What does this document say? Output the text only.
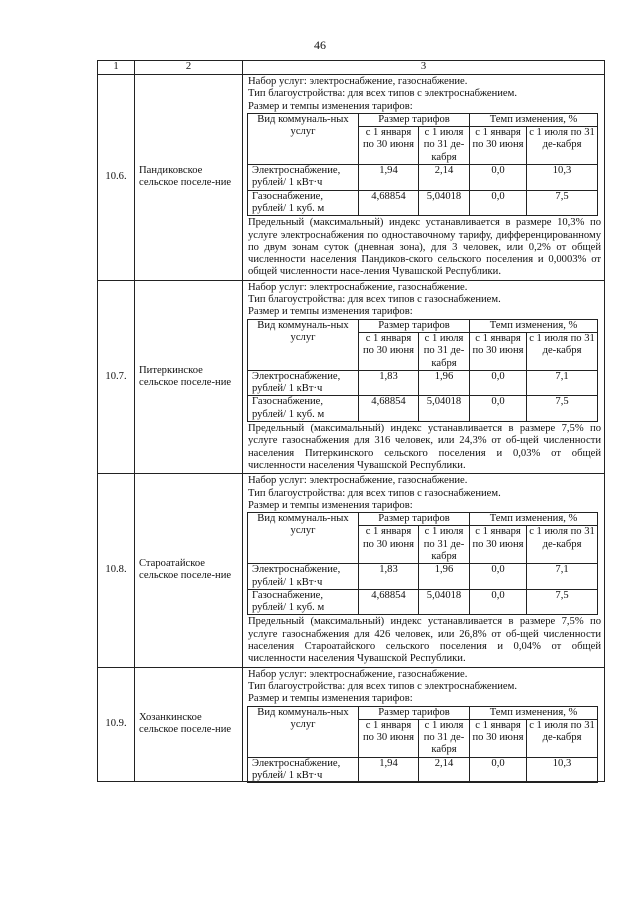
46
1	2	3
10.6.	Пандиковское сельское поселе-ние	
Набор услуг: электроснабжение, газоснабжение.
Тип благоустройства: для всех типов с электроснабжением.
Размер и темпы изменения тарифов:
Вид коммуналь-ных услуг	Размер тарифов	Темп изменения, %
с 1 января по 30 июня	с 1 июля по 31 де-кабря	с 1 января по 30 июня	с 1 июля по 31 де-кабря
Электроснабжение, рублей/ 1 кВт·ч	1,94	2,14	0,0	10,3
Газоснабжение, рублей/ 1 куб. м	4,68854	5,04018	0,0	7,5
Предельный (максимальный) индекс устанавливается в размере 10,3% по услуге электроснабжения по одноставочному тарифу, дифференцированному по двум зонам суток (дневная зона), для 3 человек, или 0,2% от общей численности населения Пандиков-ского сельского поселения и 0,0003% от общей численности насе-ления Чувашской Республики.

10.7.	Питеркинское сельское поселе-ние	
Набор услуг: электроснабжение, газоснабжение.
Тип благоустройства: для всех типов с газоснабжением.
Размер и темпы изменения тарифов:
Вид коммуналь-ных услуг	Размер тарифов	Темп изменения, %
с 1 января по 30 июня	с 1 июля по 31 де-кабря	с 1 января по 30 июня	с 1 июля по 31 де-кабря
Электроснабжение, рублей/ 1 кВт·ч	1,83	1,96	0,0	7,1
Газоснабжение, рублей/ 1 куб. м	4,68854	5,04018	0,0	7,5
Предельный (максимальный) индекс устанавливается в размере 7,5% по услуге газоснабжения для 316 человек, или 24,3% от об-щей численности населения Питеркинского сельского поселения и 0,03% от общей численности населения Чувашской Республики.

10.8.	Староатайское сельское поселе-ние	
Набор услуг: электроснабжение, газоснабжение.
Тип благоустройства: для всех типов с газоснабжением.
Размер и темпы изменения тарифов:
Вид коммуналь-ных услуг	Размер тарифов	Темп изменения, %
с 1 января по 30 июня	с 1 июля по 31 де-кабря	с 1 января по 30 июня	с 1 июля по 31 де-кабря
Электроснабжение, рублей/ 1 кВт·ч	1,83	1,96	0,0	7,1
Газоснабжение, рублей/ 1 куб. м	4,68854	5,04018	0,0	7,5
Предельный (максимальный) индекс устанавливается в размере 7,5% по услуге газоснабжения для 426 человек, или 26,8% от об-щей численности населения Староатайского сельского поселения и 0,04% от общей численности населения Чувашской Республики.

10.9.	Хозанкинское сельское поселе-ние	
Набор услуг: электроснабжение, газоснабжение.
Тип благоустройства: для всех типов с электроснабжением.
Размер и темпы изменения тарифов:
Вид коммуналь-ных услуг	Размер тарифов	Темп изменения, %
с 1 января по 30 июня	с 1 июля по 31 де-кабря	с 1 января по 30 июня	с 1 июля по 31 де-кабря
Электроснабжение, рублей/ 1 кВт·ч	1,94	2,14	0,0	10,3
